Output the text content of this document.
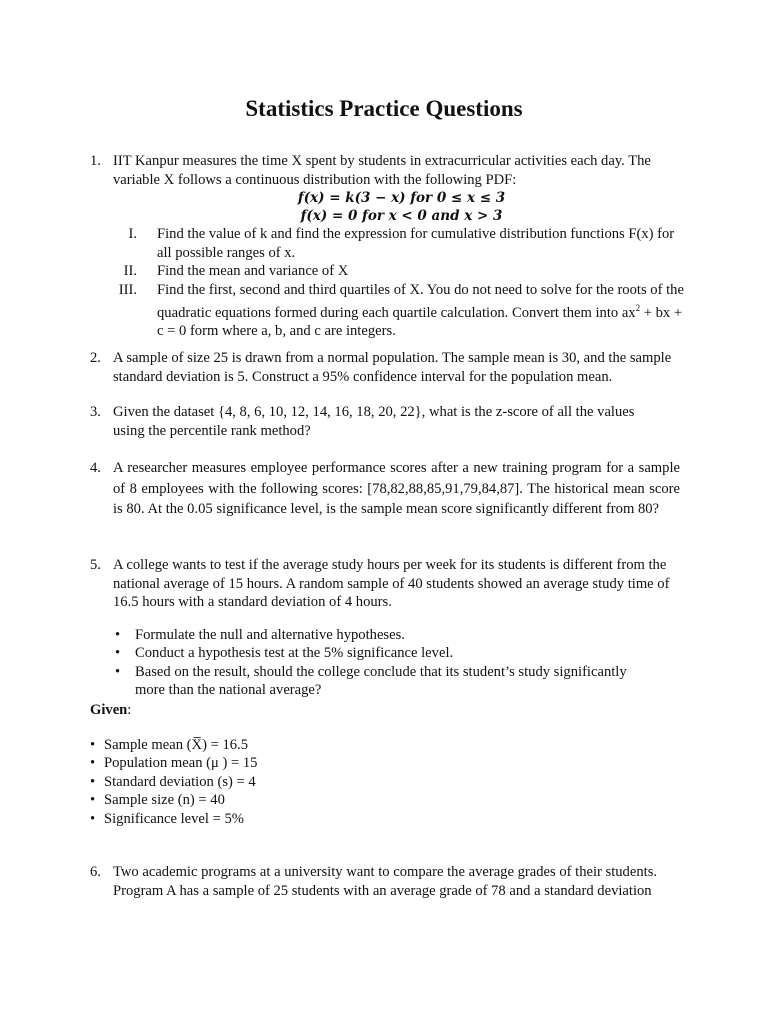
Statistics Practice Questions
1. IIT Kanpur measures the time X spent by students in extracurricular activities each day. The variable X follows a continuous distribution with the following PDF:
f(x) = k(3 − x) for 0 ≤ x ≤ 3
f(x) = 0 for x < 0 and x > 3
I. Find the value of k and find the expression for cumulative distribution functions F(x) for all possible ranges of x.
II. Find the mean and variance of X
III. Find the first, second and third quartiles of X. You do not need to solve for the roots of the quadratic equations formed during each quartile calculation. Convert them into $ax^2$ + bx + c = 0 form where a, b, and c are integers.
2. A sample of size 25 is drawn from a normal population. The sample mean is 30, and the sample standard deviation is 5. Construct a 95% confidence interval for the population mean.
3. Given the dataset {4, 8, 6, 10, 12, 14, 16, 18, 20, 22}, what is the z-score of all the values using the percentile rank method?
4. A researcher measures employee performance scores after a new training program for a sample of 8 employees with the following scores: [78,82,88,85,91,79,84,87]. The historical mean score is 80. At the 0.05 significance level, is the sample mean score significantly different from 80?
5. A college wants to test if the average study hours per week for its students is different from the national average of 15 hours. A random sample of 40 students showed an average study time of 16.5 hours with a standard deviation of 4 hours.
• Formulate the null and alternative hypotheses.
• Conduct a hypothesis test at the 5% significance level.
• Based on the result, should the college conclude that its student’s study significantly more than the national average?
Given:
• Sample mean (X̅) = 16.5
• Population mean (μ ) = 15
• Standard deviation (s) = 4
• Sample size (n) = 40
• Significance level = 5%
6. Two academic programs at a university want to compare the average grades of their students. Program A has a sample of 25 students with an average grade of 78 and a standard deviation
